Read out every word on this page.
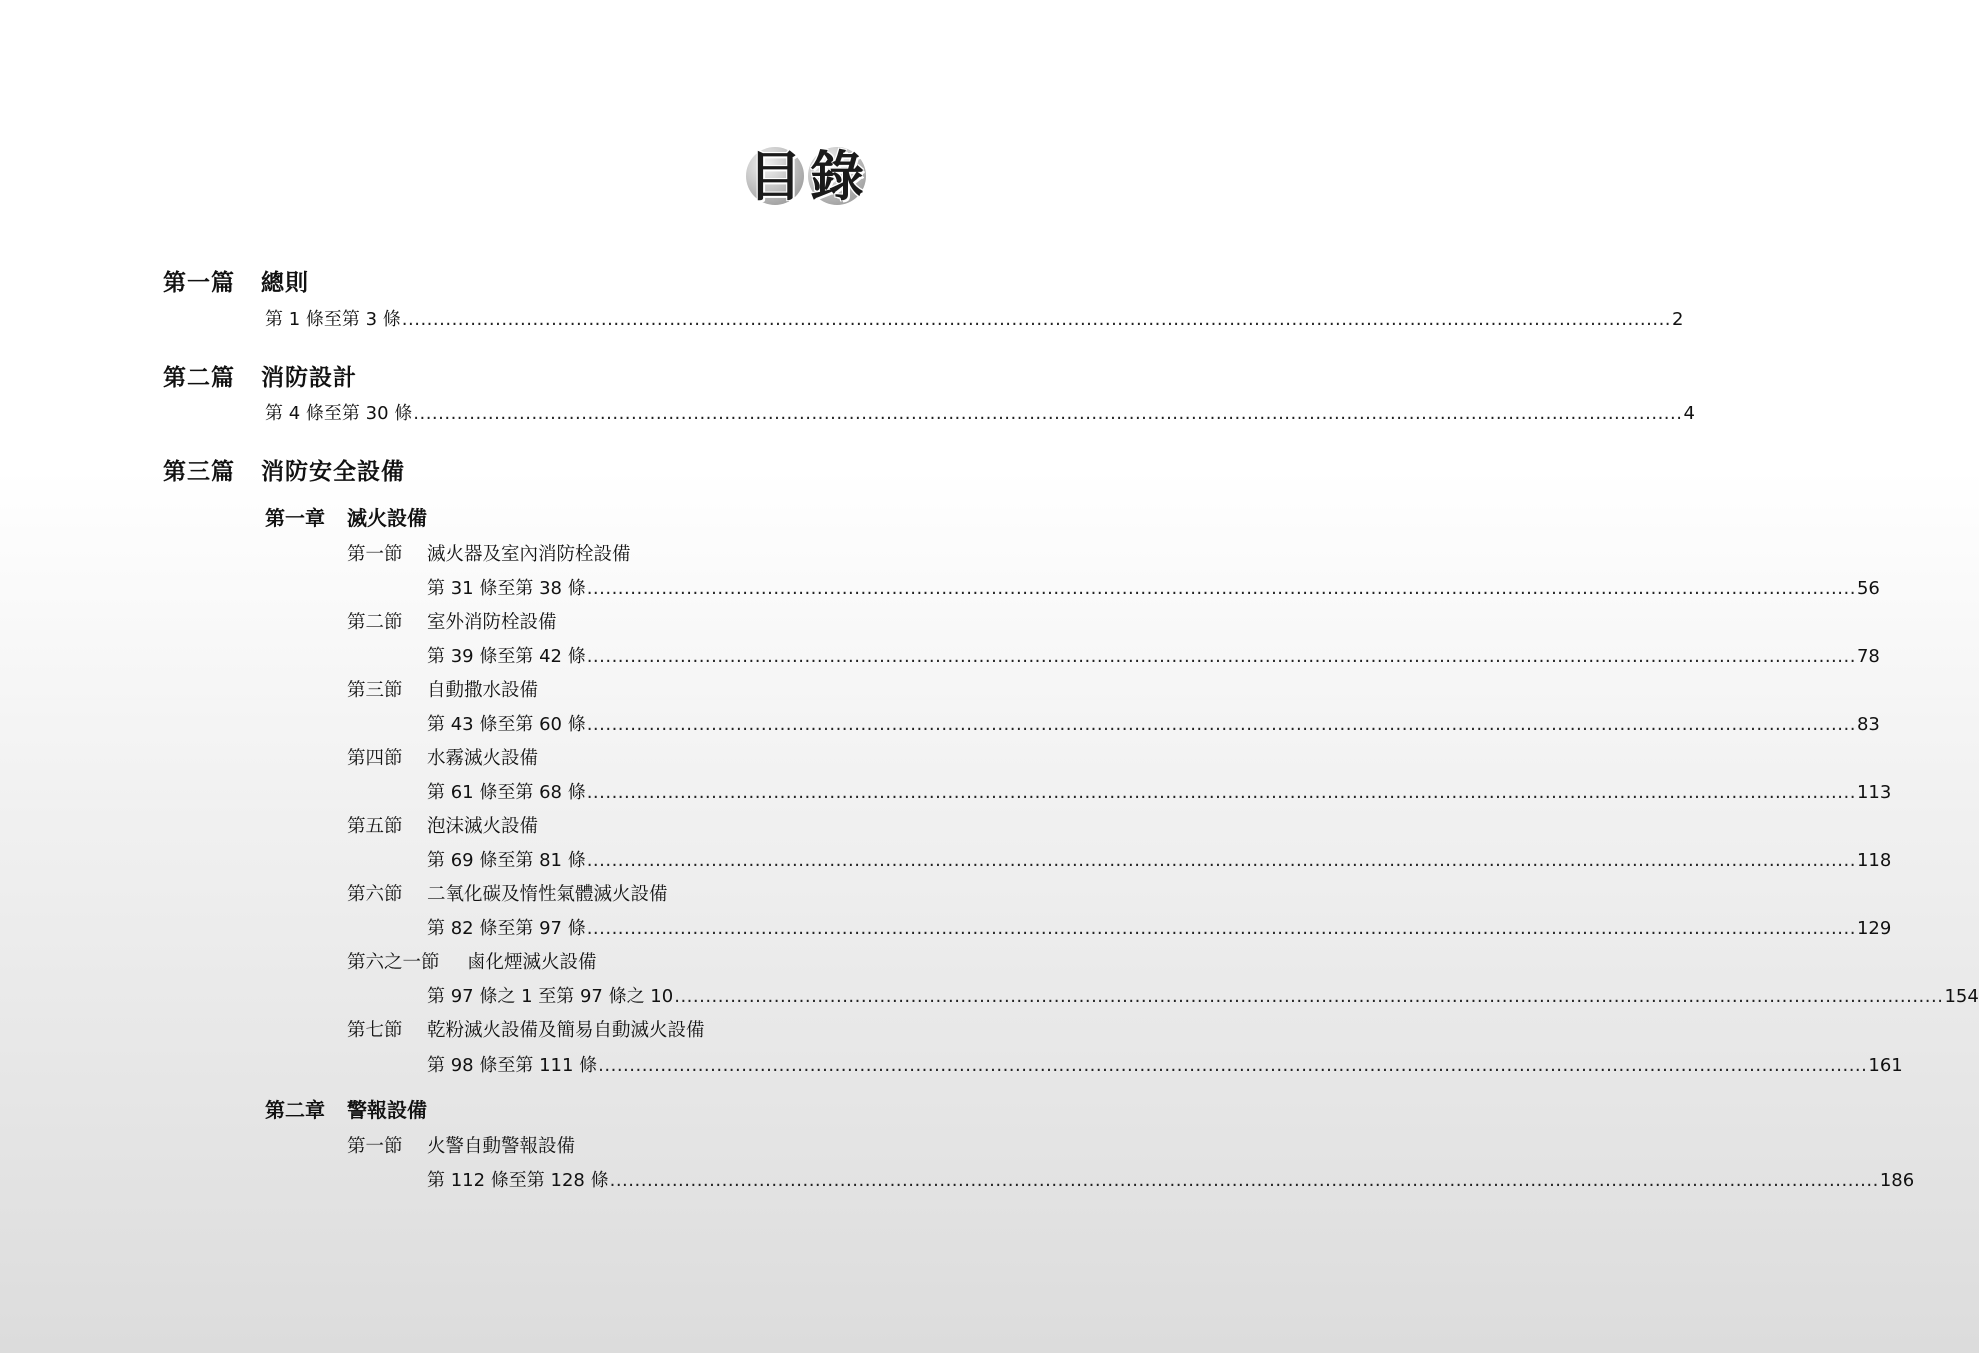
目 錄
第一篇 總則
第 1 條至第 3 條 ............................................................................................................................................................................................................ 2
第二篇 消防設計
第 4 條至第 30 條 ............................................................................................................................................................................................................ 4
第三篇 消防安全設備
第一章 滅火設備
第一節 滅火器及室內消防栓設備
第 31 條至第 38 條 ............................................................................................................................................................................................................ 56
第二節 室外消防栓設備
第 39 條至第 42 條 ............................................................................................................................................................................................................ 78
第三節 自動撒水設備
第 43 條至第 60 條 ............................................................................................................................................................................................................ 83
第四節 水霧滅火設備
第 61 條至第 68 條 ............................................................................................................................................................................................................ 113
第五節 泡沫滅火設備
第 69 條至第 81 條 ............................................................................................................................................................................................................ 118
第六節 二氧化碳及惰性氣體滅火設備
第 82 條至第 97 條 ............................................................................................................................................................................................................ 129
第六之一節 鹵化煙滅火設備
第 97 條之 1 至第 97 條之 10 ............................................................................................................................................................................................................ 154
第七節 乾粉滅火設備及簡易自動滅火設備
第 98 條至第 111 條 ............................................................................................................................................................................................................ 161
第二章 警報設備
第一節 火警自動警報設備
第 112 條至第 128 條 ............................................................................................................................................................................................................ 186
